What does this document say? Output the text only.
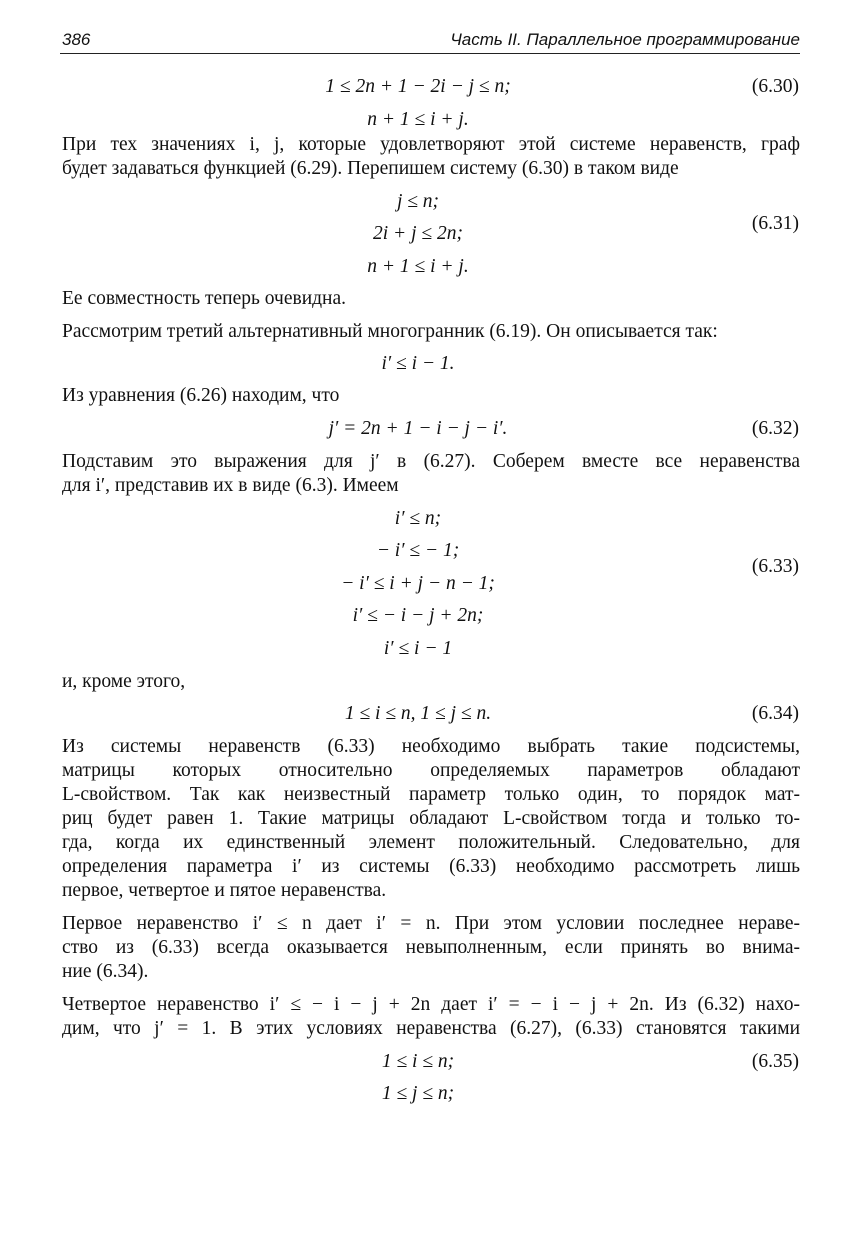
386	Часть II. Параллельное программирование
1 ≤ 2n + 1 − 2i − j ≤ n;	(6.30)
n + 1 ≤ i + j.
При тех значениях i, j, которые удовлетворяют этой системе неравенств, граф
будет задаваться функцией (6.29). Перепишем систему (6.30) в таком виде
j ≤ n;
2i + j ≤ 2n;	(6.31)
n + 1 ≤ i + j.
Ее совместность теперь очевидна.
Рассмотрим третий альтернативный многогранник (6.19). Он описывается так:
i′ ≤ i − 1.
Из уравнения (6.26) находим, что
j′ = 2n + 1 − i − j − i′.	(6.32)
Подставим это выражения для j′ в (6.27). Соберем вместе все неравенства
для i′, представив их в виде (6.3). Имеем
i′ ≤ n;
− i′ ≤ − 1;
− i′ ≤ i + j − n − 1;
(6.33)
i′ ≤ − i − j + 2n;
i′ ≤ i − 1
и, кроме этого,
1 ≤ i ≤ n, 1 ≤ j ≤ n.	(6.34)
Из системы неравенств (6.33) необходимо выбрать такие подсистемы,
матрицы которых относительно определяемых параметров обладают
L-свойством. Так как неизвестный параметр только один, то порядок мат-
риц будет равен 1. Такие матрицы обладают L-свойством тогда и только то-
гда, когда их единственный элемент положительный. Следовательно, для
определения параметра i′ из системы (6.33) необходимо рассмотреть лишь
первое, четвертое и пятое неравенства.
Первое неравенство i′ ≤ n дает i′ = n. При этом условии последнее нераве-
ство из (6.33) всегда оказывается невыполненным, если принять во внима-
ние (6.34).
Четвертое неравенство i′ ≤ − i − j + 2n дает i′ = − i − j + 2n. Из (6.32) нахо-
дим, что j′ = 1. В этих условиях неравенства (6.27), (6.33) становятся такими
1 ≤ i ≤ n;	(6.35)
1 ≤ j ≤ n;
